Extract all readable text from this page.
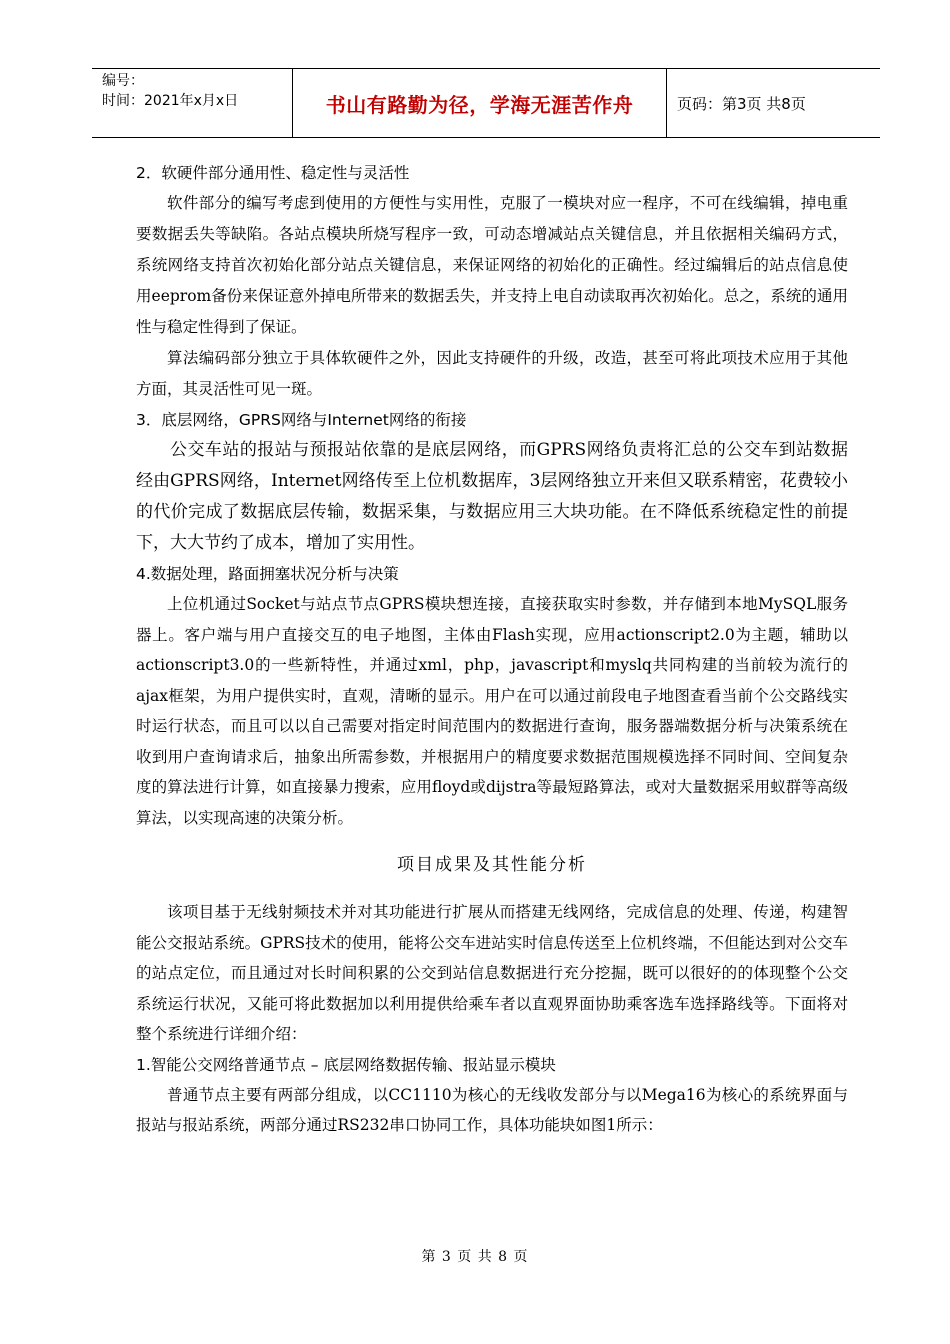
编号：
时间：2021年x月x日	书山有路勤为径，学海无涯苦作舟	页码：第3页 共8页
2．软硬件部分通用性、稳定性与灵活性

软件部分的编写考虑到使用的方便性与实用性，克服了一模块对应一程序，不可在线编辑，掉电重要数据丢失等缺陷。各站点模块所烧写程序一致，可动态增减站点关键信息，并且依据相关编码方式，系统网络支持首次初始化部分站点关键信息，来保证网络的初始化的正确性。经过编辑后的站点信息使用eeprom备份来保证意外掉电所带来的数据丢失，并支持上电自动读取再次初始化。总之，系统的通用性与稳定性得到了保证。

算法编码部分独立于具体软硬件之外，因此支持硬件的升级，改造，甚至可将此项技术应用于其他方面，其灵活性可见一斑。

3．底层网络，GPRS网络与Internet网络的衔接

公交车站的报站与预报站依靠的是底层网络，而GPRS网络负责将汇总的公交车到站数据经由GPRS网络，Internet网络传至上位机数据库，3层网络独立开来但又联系精密，花费较小的代价完成了数据底层传输，数据采集，与数据应用三大块功能。在不降低系统稳定性的前提下，大大节约了成本，增加了实用性。

4.数据处理，路面拥塞状况分析与决策

上位机通过Socket与站点节点GPRS模块想连接，直接获取实时参数，并存储到本地MySQL服务器上。客户端与用户直接交互的电子地图，主体由Flash实现，应用actionscript2.0为主题，辅助以actionscript3.0的一些新特性，并通过xml，php，javascript和myslq共同构建的当前较为流行的ajax框架，为用户提供实时，直观，清晰的显示。用户在可以通过前段电子地图查看当前个公交路线实时运行状态，而且可以以自己需要对指定时间范围内的数据进行查询，服务器端数据分析与决策系统在收到用户查询请求后，抽象出所需参数，并根据用户的精度要求数据范围规模选择不同时间、空间复杂度的算法进行计算，如直接暴力搜索，应用floyd或dijstra等最短路算法，或对大量数据采用蚁群等高级算法，以实现高速的决策分析。

项目成果及其性能分析

该项目基于无线射频技术并对其功能进行扩展从而搭建无线网络，完成信息的处理、传递，构建智能公交报站系统。GPRS技术的使用，能将公交车进站实时信息传送至上位机终端，不但能达到对公交车的站点定位，而且通过对长时间积累的公交到站信息数据进行充分挖掘，既可以很好的的体现整个公交系统运行状况，又能可将此数据加以利用提供给乘车者以直观界面协助乘客选车选择路线等。下面将对整个系统进行详细介绍：

1.智能公交网络普通节点 – 底层网络数据传输、报站显示模块

普通节点主要有两部分组成，以CC1110为核心的无线收发部分与以Mega16为核心的系统界面与报站与报站系统，两部分通过RS232串口协同工作，具体功能块如图1所示：

第 3 页 共 8 页
